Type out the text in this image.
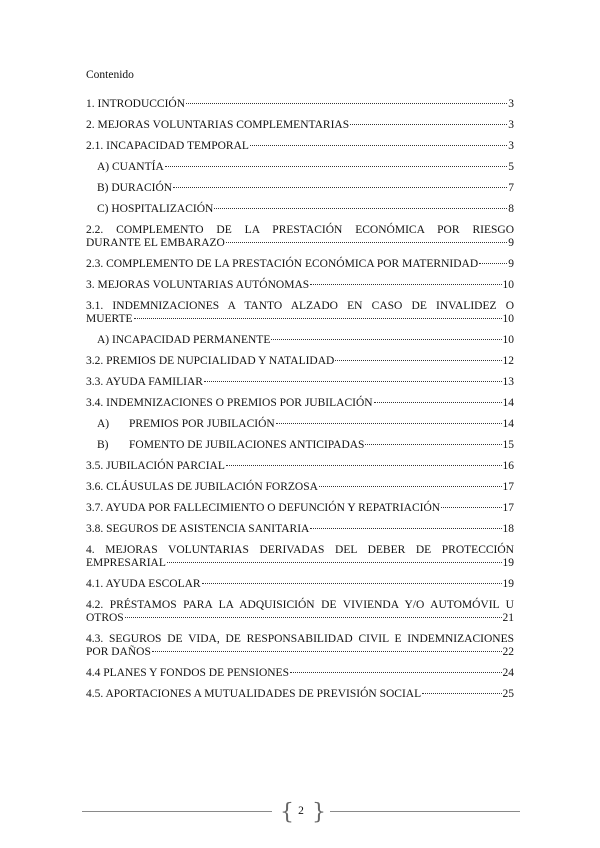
Contenido
1. INTRODUCCIÓN	3
2. MEJORAS VOLUNTARIAS COMPLEMENTARIAS	3
2.1. INCAPACIDAD TEMPORAL	3
A) CUANTÍA	5
B) DURACIÓN	7
C) HOSPITALIZACIÓN	8
2.2. COMPLEMENTO DE LA PRESTACIÓN ECONÓMICA POR RIESGO
DURANTE EL EMBARAZO	9
2.3. COMPLEMENTO DE LA PRESTACIÓN ECONÓMICA POR MATERNIDAD	9
3. MEJORAS VOLUNTARIAS AUTÓNOMAS	10
3.1. INDEMNIZACIONES A TANTO ALZADO EN CASO DE INVALIDEZ O
MUERTE	10
A) INCAPACIDAD PERMANENTE	10
3.2. PREMIOS DE NUPCIALIDAD Y NATALIDAD	12
3.3. AYUDA FAMILIAR	13
3.4. INDEMNIZACIONES O PREMIOS POR JUBILACIÓN	14
A)	PREMIOS POR JUBILACIÓN	14
B)	FOMENTO DE JUBILACIONES ANTICIPADAS	15
3.5. JUBILACIÓN PARCIAL	16
3.6. CLÁUSULAS DE JUBILACIÓN FORZOSA	17
3.7. AYUDA POR FALLECIMIENTO O DEFUNCIÓN Y REPATRIACIÓN	17
3.8. SEGUROS DE ASISTENCIA SANITARIA	18
4. MEJORAS VOLUNTARIAS DERIVADAS DEL DEBER DE PROTECCIÓN
EMPRESARIAL	19
4.1. AYUDA ESCOLAR	19
4.2. PRÉSTAMOS PARA LA ADQUISICIÓN DE VIVIENDA Y/O AUTOMÓVIL U
OTROS	21
4.3. SEGUROS DE VIDA, DE RESPONSABILIDAD CIVIL E INDEMNIZACIONES
POR DAÑOS	22
4.4 PLANES Y FONDOS DE PENSIONES	24
4.5. APORTACIONES A MUTUALIDADES DE PREVISIÓN SOCIAL	25
{ 2 }
